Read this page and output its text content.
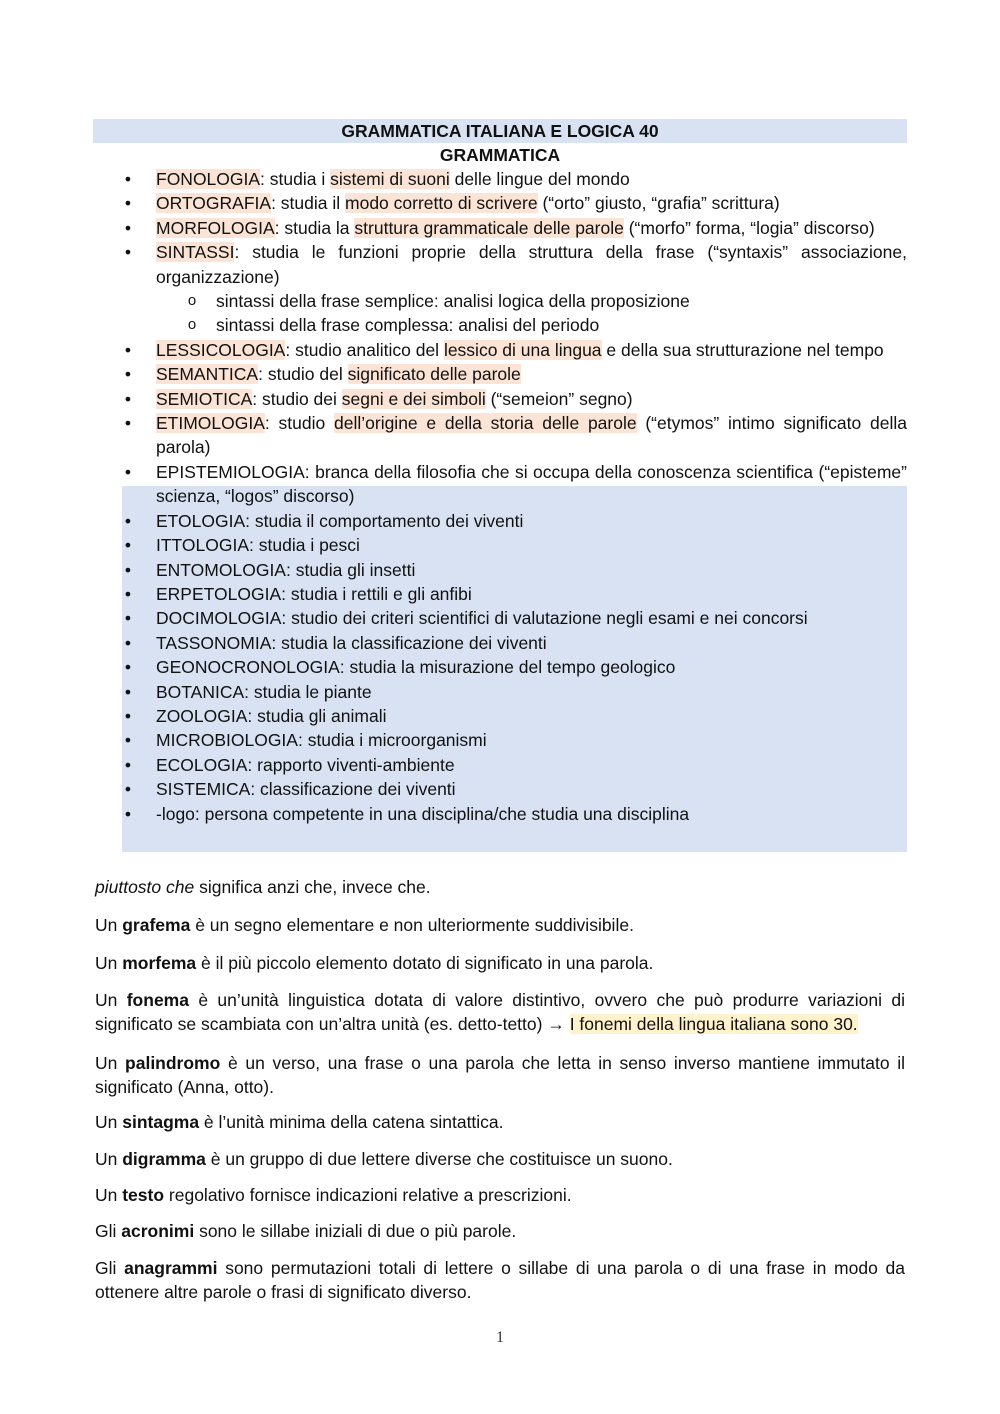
GRAMMATICA ITALIANA E LOGICA 40
GRAMMATICA
• FONOLOGIA: studia i sistemi di suoni delle lingue del mondo
• ORTOGRAFIA: studia il modo corretto di scrivere (“orto” giusto, “grafia” scrittura)
• MORFOLOGIA: studia la struttura grammaticale delle parole (“morfo” forma, “logia” discorso)
• SINTASSI: studia le funzioni proprie della struttura della frase (“syntaxis” associazione, organizzazione)
o sintassi della frase semplice: analisi logica della proposizione
o sintassi della frase complessa: analisi del periodo
• LESSICOLOGIA: studio analitico del lessico di una lingua e della sua strutturazione nel tempo
• SEMANTICA: studio del significato delle parole
• SEMIOTICA: studio dei segni e dei simboli (“semeion” segno)
• ETIMOLOGIA: studio dell’origine e della storia delle parole (“etymos” intimo significato della parola)
• EPISTEMIOLOGIA: branca della filosofia che si occupa della conoscenza scientifica (“episteme” scienza, “logos” discorso)
• ETOLOGIA: studia il comportamento dei viventi
• ITTOLOGIA: studia i pesci
• ENTOMOLOGIA: studia gli insetti
• ERPETOLOGIA: studia i rettili e gli anfibi
• DOCIMOLOGIA: studio dei criteri scientifici di valutazione negli esami e nei concorsi
• TASSONOMIA: studia la classificazione dei viventi
• GEONOCRONOLOGIA: studia la misurazione del tempo geologico
• BOTANICA: studia le piante
• ZOOLOGIA: studia gli animali
• MICROBIOLOGIA: studia i microorganismi
• ECOLOGIA: rapporto viventi-ambiente
• SISTEMICA: classificazione dei viventi
• -logo: persona competente in una disciplina/che studia una disciplina

piuttosto che significa anzi che, invece che.

Un grafema è un segno elementare e non ulteriormente suddivisibile.

Un morfema è il più piccolo elemento dotato di significato in una parola.

Un fonema è un’unità linguistica dotata di valore distintivo, ovvero che può produrre variazioni di significato se scambiata con un’altra unità (es. detto-tetto) → I fonemi della lingua italiana sono 30.

Un palindromo è un verso, una frase o una parola che letta in senso inverso mantiene immutato il significato (Anna, otto).

Un sintagma è l’unità minima della catena sintattica.

Un digramma è un gruppo di due lettere diverse che costituisce un suono.

Un testo regolativo fornisce indicazioni relative a prescrizioni.

Gli acronimi sono le sillabe iniziali di due o più parole.

Gli anagrammi sono permutazioni totali di lettere o sillabe di una parola o di una frase in modo da ottenere altre parole o frasi di significato diverso.

1
